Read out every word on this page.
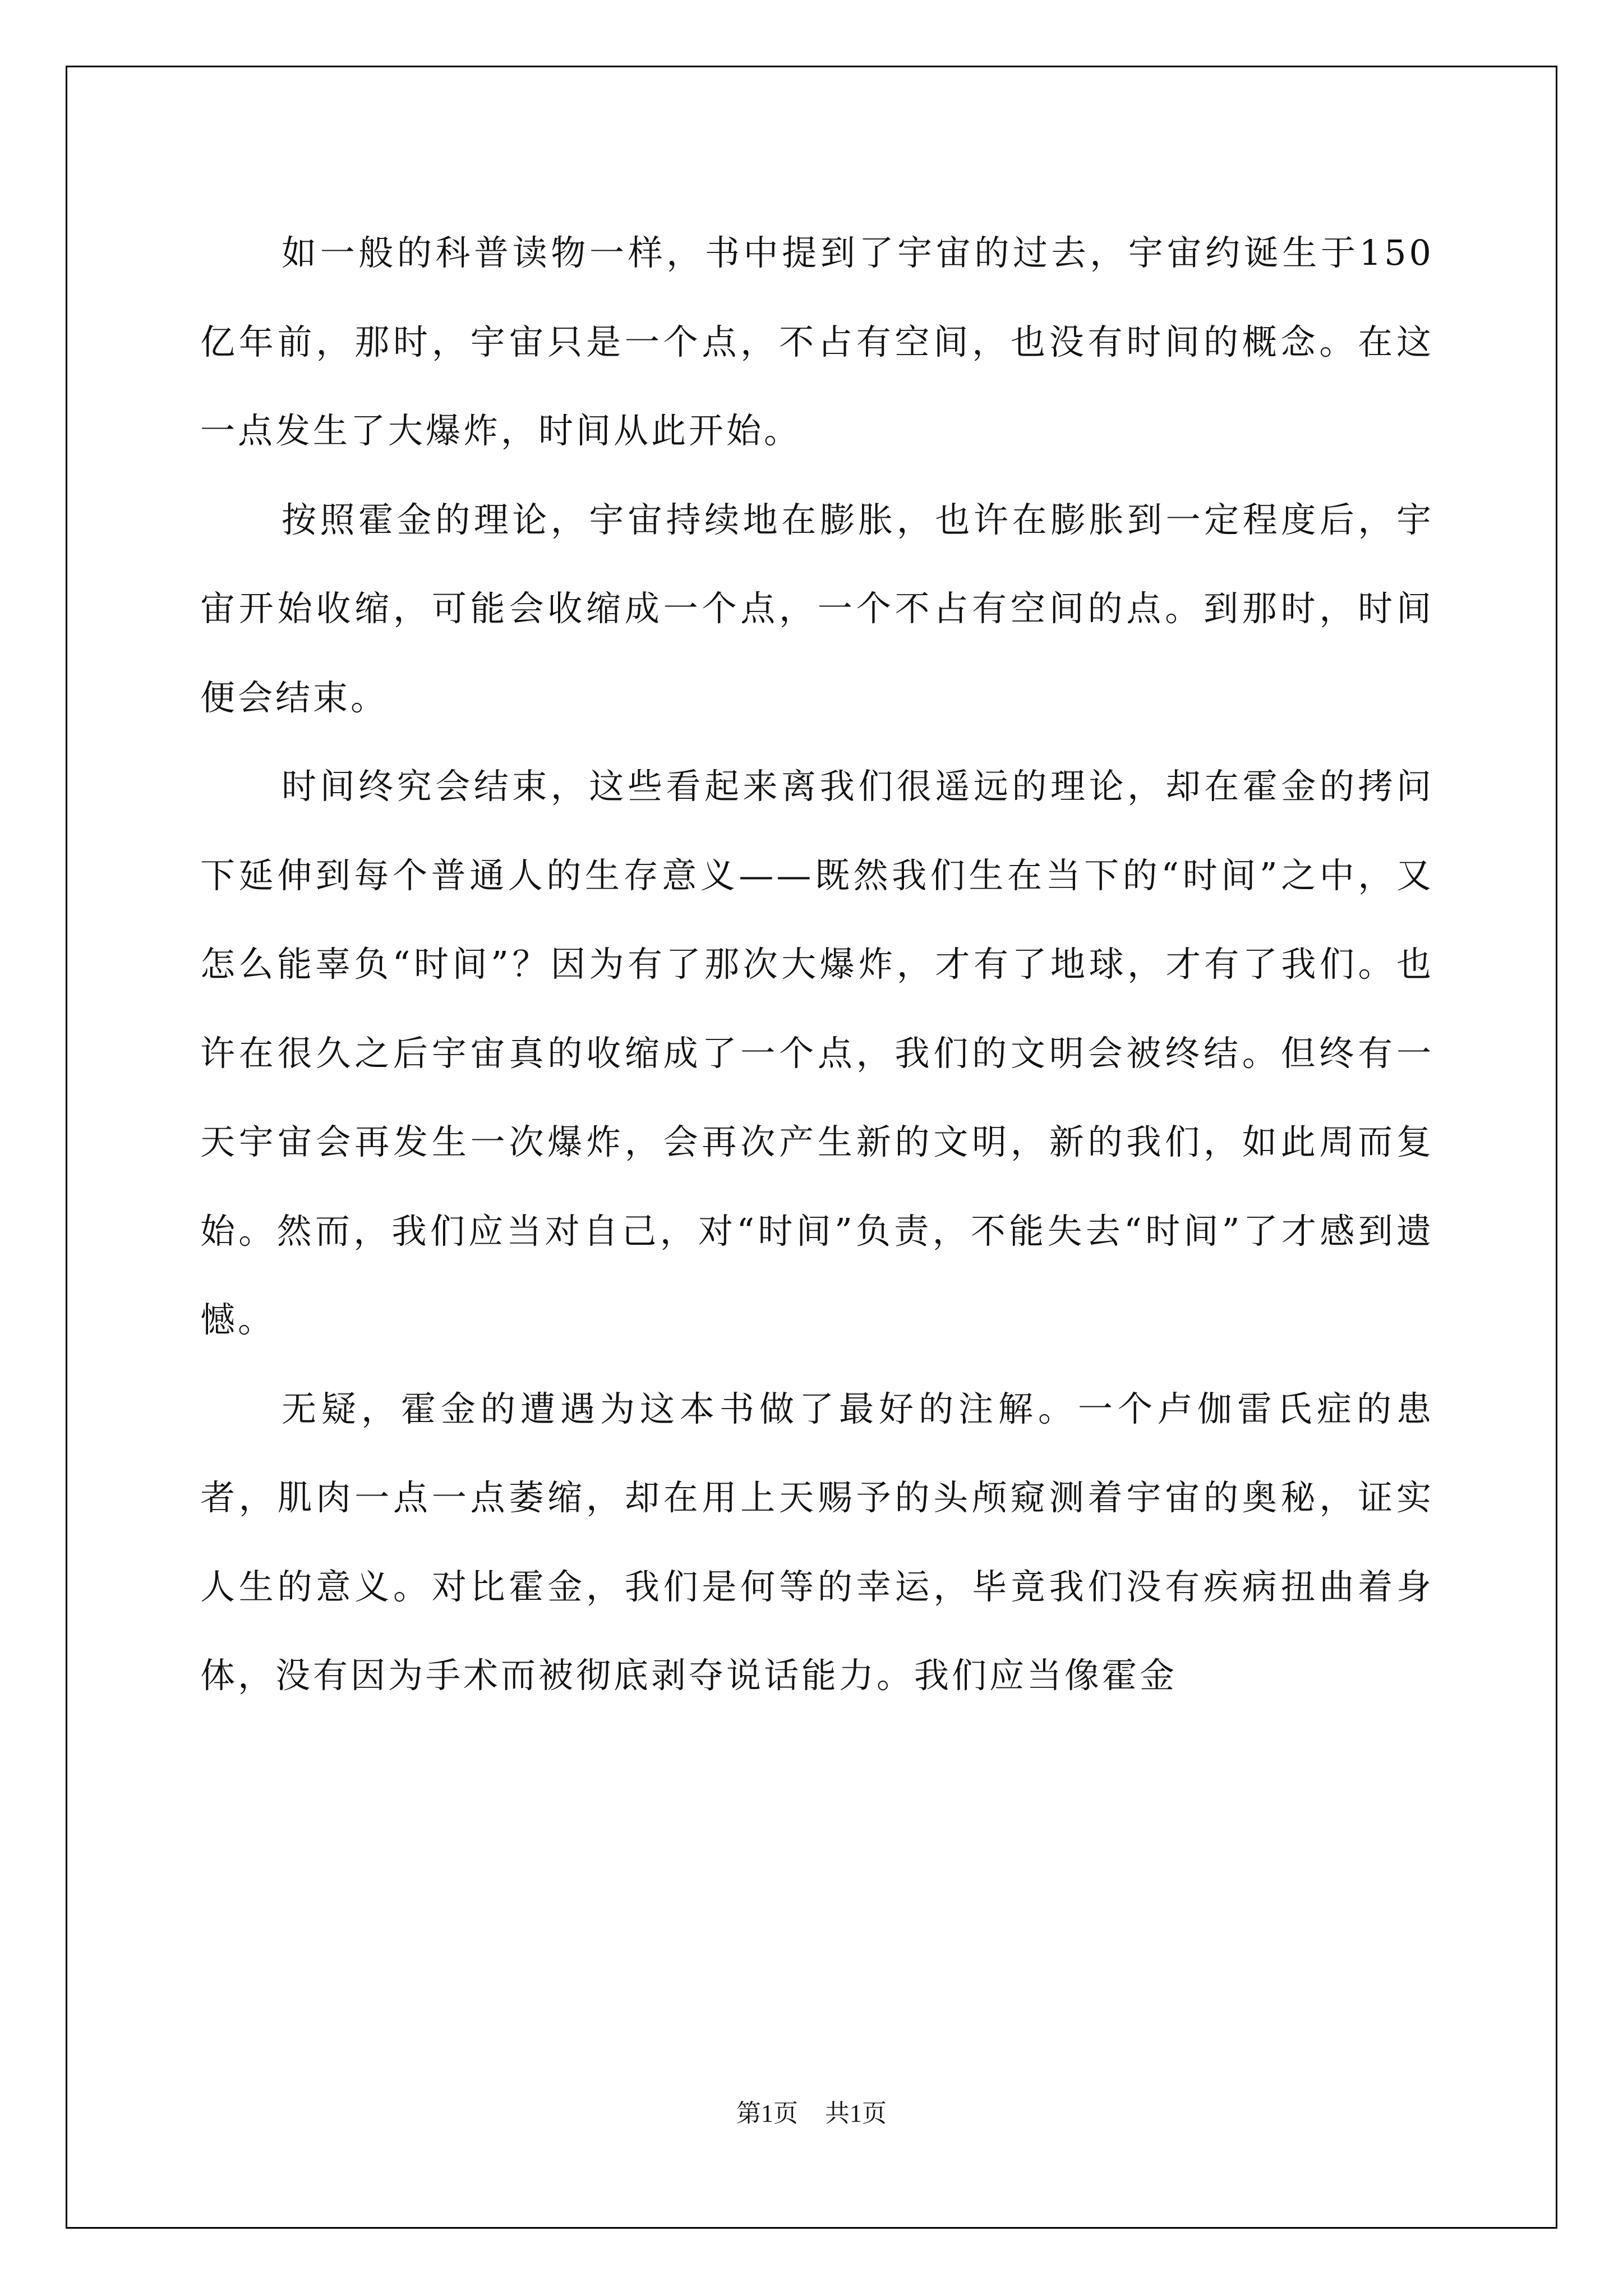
如一般的科普读物一样，书中提到了宇宙的过去，宇宙约诞生于150亿年前，那时，宇宙只是一个点，不占有空间，也没有时间的概念。在这一点发生了大爆炸，时间从此开始。

按照霍金的理论，宇宙持续地在膨胀，也许在膨胀到一定程度后，宇宙开始收缩，可能会收缩成一个点，一个不占有空间的点。到那时，时间便会结束。

时间终究会结束，这些看起来离我们很遥远的理论，却在霍金的拷问下延伸到每个普通人的生存意义——既然我们生在当下的“时间”之中，又怎么能辜负“时间”？因为有了那次大爆炸，才有了地球，才有了我们。也许在很久之后宇宙真的收缩成了一个点，我们的文明会被终结。但终有一天宇宙会再发生一次爆炸，会再次产生新的文明，新的我们，如此周而复始。然而，我们应当对自己，对“时间”负责，不能失去“时间”了才感到遗憾。

无疑，霍金的遭遇为这本书做了最好的注解。一个卢伽雷氏症的患者，肌肉一点一点萎缩，却在用上天赐予的头颅窥测着宇宙的奥秘，证实人生的意义。对比霍金，我们是何等的幸运，毕竟我们没有疾病扭曲着身体，没有因为手术而被彻底剥夺说话能力。我们应当像霍金

第1页 共1页
